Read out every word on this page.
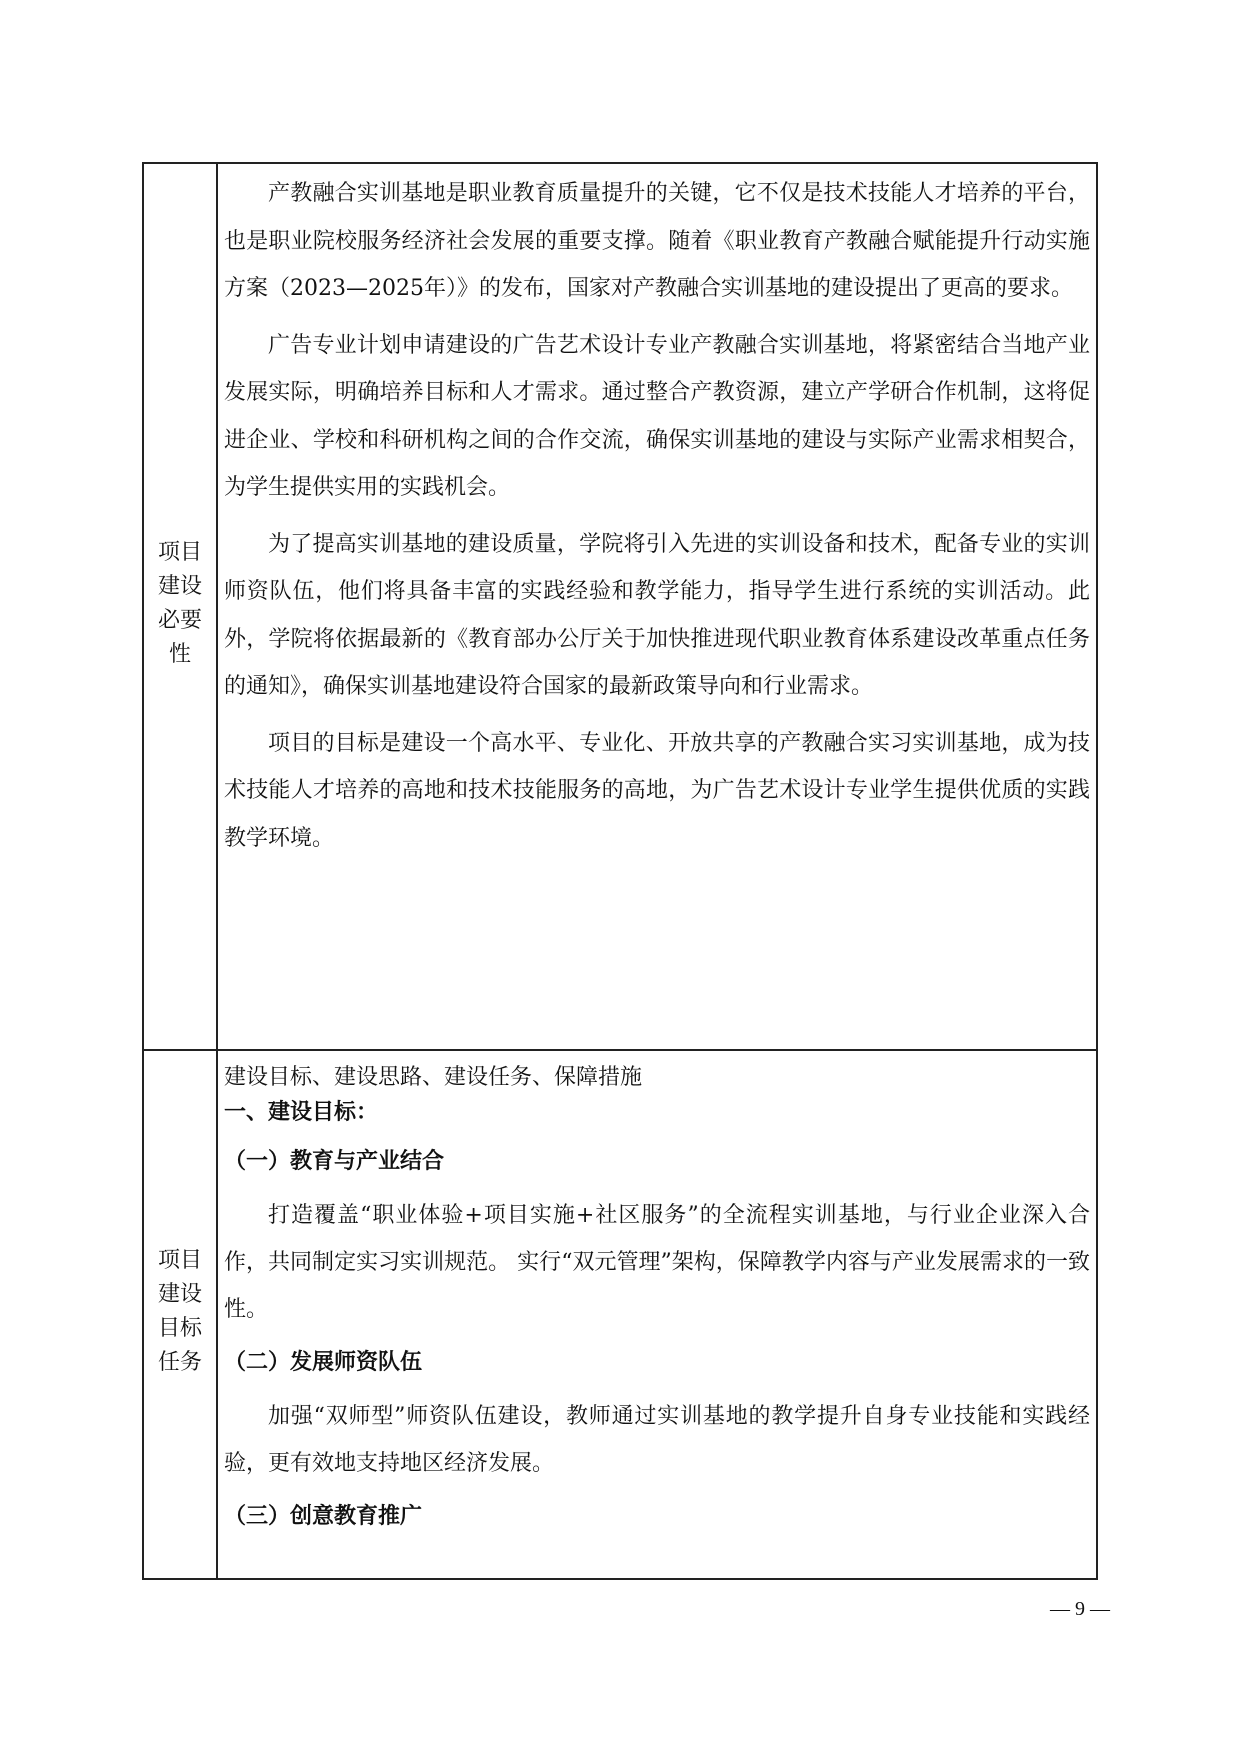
项目
建设
必要
性

产教融合实训基地是职业教育质量提升的关键，它不仅是技术技能人才培养的平台，也是职业院校服务经济社会发展的重要支撑。随着《职业教育产教融合赋能提升行动实施方案（2023—2025年）》的发布，国家对产教融合实训基地的建设提出了更高的要求。

广告专业计划申请建设的广告艺术设计专业产教融合实训基地，将紧密结合当地产业发展实际，明确培养目标和人才需求。通过整合产教资源，建立产学研合作机制，这将促进企业、学校和科研机构之间的合作交流，确保实训基地的建设与实际产业需求相契合，为学生提供实用的实践机会。

为了提高实训基地的建设质量，学院将引入先进的实训设备和技术，配备专业的实训师资队伍，他们将具备丰富的实践经验和教学能力，指导学生进行系统的实训活动。此外，学院将依据最新的《教育部办公厅关于加快推进现代职业教育体系建设改革重点任务的通知》，确保实训基地建设符合国家的最新政策导向和行业需求。

项目的目标是建设一个高水平、专业化、开放共享的产教融合实习实训基地，成为技术技能人才培养的高地和技术技能服务的高地，为广告艺术设计专业学生提供优质的实践教学环境。

项目
建设
目标
任务

建设目标、建设思路、建设任务、保障措施

一、建设目标：

（一）教育与产业结合

打造覆盖“职业体验+项目实施+社区服务”的全流程实训基地，与行业企业深入合作，共同制定实习实训规范。 实行“双元管理”架构，保障教学内容与产业发展需求的一致性。

（二）发展师资队伍

加强“双师型”师资队伍建设，教师通过实训基地的教学提升自身专业技能和实践经验，更有效地支持地区经济发展。

（三）创意教育推广

— 9 —
